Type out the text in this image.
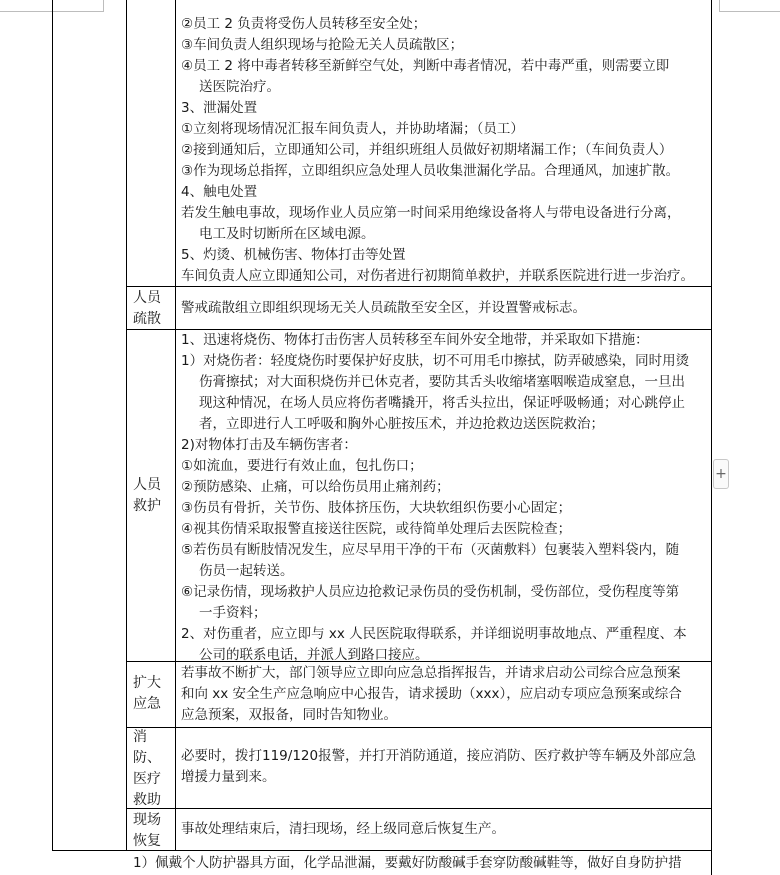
②员工 2 负责将受伤人员转移至安全处；
③车间负责人组织现场与抢险无关人员疏散区；
④员工 2 将中毒者转移至新鲜空气处，判断中毒者情况，若中毒严重，则需要立即
送医院治疗。
3、泄漏处置
①立刻将现场情况汇报车间负责人，并协助堵漏；（员工）
②接到通知后，立即通知公司，并组织班组人员做好初期堵漏工作；（车间负责人）
③作为现场总指挥，立即组织应急处理人员收集泄漏化学品。合理通风，加速扩散。
4、触电处置
若发生触电事故，现场作业人员应第一时间采用绝缘设备将人与带电设备进行分离，
电工及时切断所在区域电源。
5、灼烫、机械伤害、物体打击等处置
车间负责人应立即通知公司，对伤者进行初期简单救护，并联系医院进行进一步治疗。
人员
疏散
警戒疏散组立即组织现场无关人员疏散至安全区，并设置警戒标志。
人员
救护
1、迅速将烧伤、物体打击伤害人员转移至车间外安全地带，并采取如下措施：
1）对烧伤者：轻度烧伤时要保护好皮肤，切不可用毛巾擦拭，防弄破感染，同时用烫
伤膏擦拭；对大面积烧伤并已休克者，要防其舌头收缩堵塞咽喉造成窒息，一旦出
现这种情况，在场人员应将伤者嘴撬开，将舌头拉出，保证呼吸畅通；对心跳停止
者，立即进行人工呼吸和胸外心脏按压术，并边抢救边送医院救治；
2)对物体打击及车辆伤害者：
①如流血，要进行有效止血，包扎伤口；
②预防感染、止痛，可以给伤员用止痛剂药；
③伤员有骨折，关节伤、肢体挤压伤，大块软组织伤要小心固定；
④视其伤情采取报警直接送往医院，或待简单处理后去医院检查；
⑤若伤员有断肢情况发生，应尽早用干净的干布（灭菌敷料）包裹装入塑料袋内，随
伤员一起转送。
⑥记录伤情，现场救护人员应边抢救记录伤员的受伤机制，受伤部位，受伤程度等第
一手资料；
2、对伤重者，应立即与 xx 人民医院取得联系，并详细说明事故地点、严重程度、本
公司的联系电话，并派人到路口接应。
扩大
应急
若事故不断扩大，部门领导应立即向应急总指挥报告，并请求启动公司综合应急预案
和向 xx 安全生产应急响应中心报告，请求援助（xxx），应启动专项应急预案或综合
应急预案，双报备，同时告知物业。
消
防、
医疗
救助
必要时，拨打119/120报警，并打开消防通道，接应消防、医疗救护等车辆及外部应急
增援力量到来。
现场
恢复
事故处理结束后，清扫现场，经上级同意后恢复生产。
1）佩戴个人防护器具方面，化学品泄漏，要戴好防酸碱手套穿防酸碱鞋等，做好自身防护措
+
